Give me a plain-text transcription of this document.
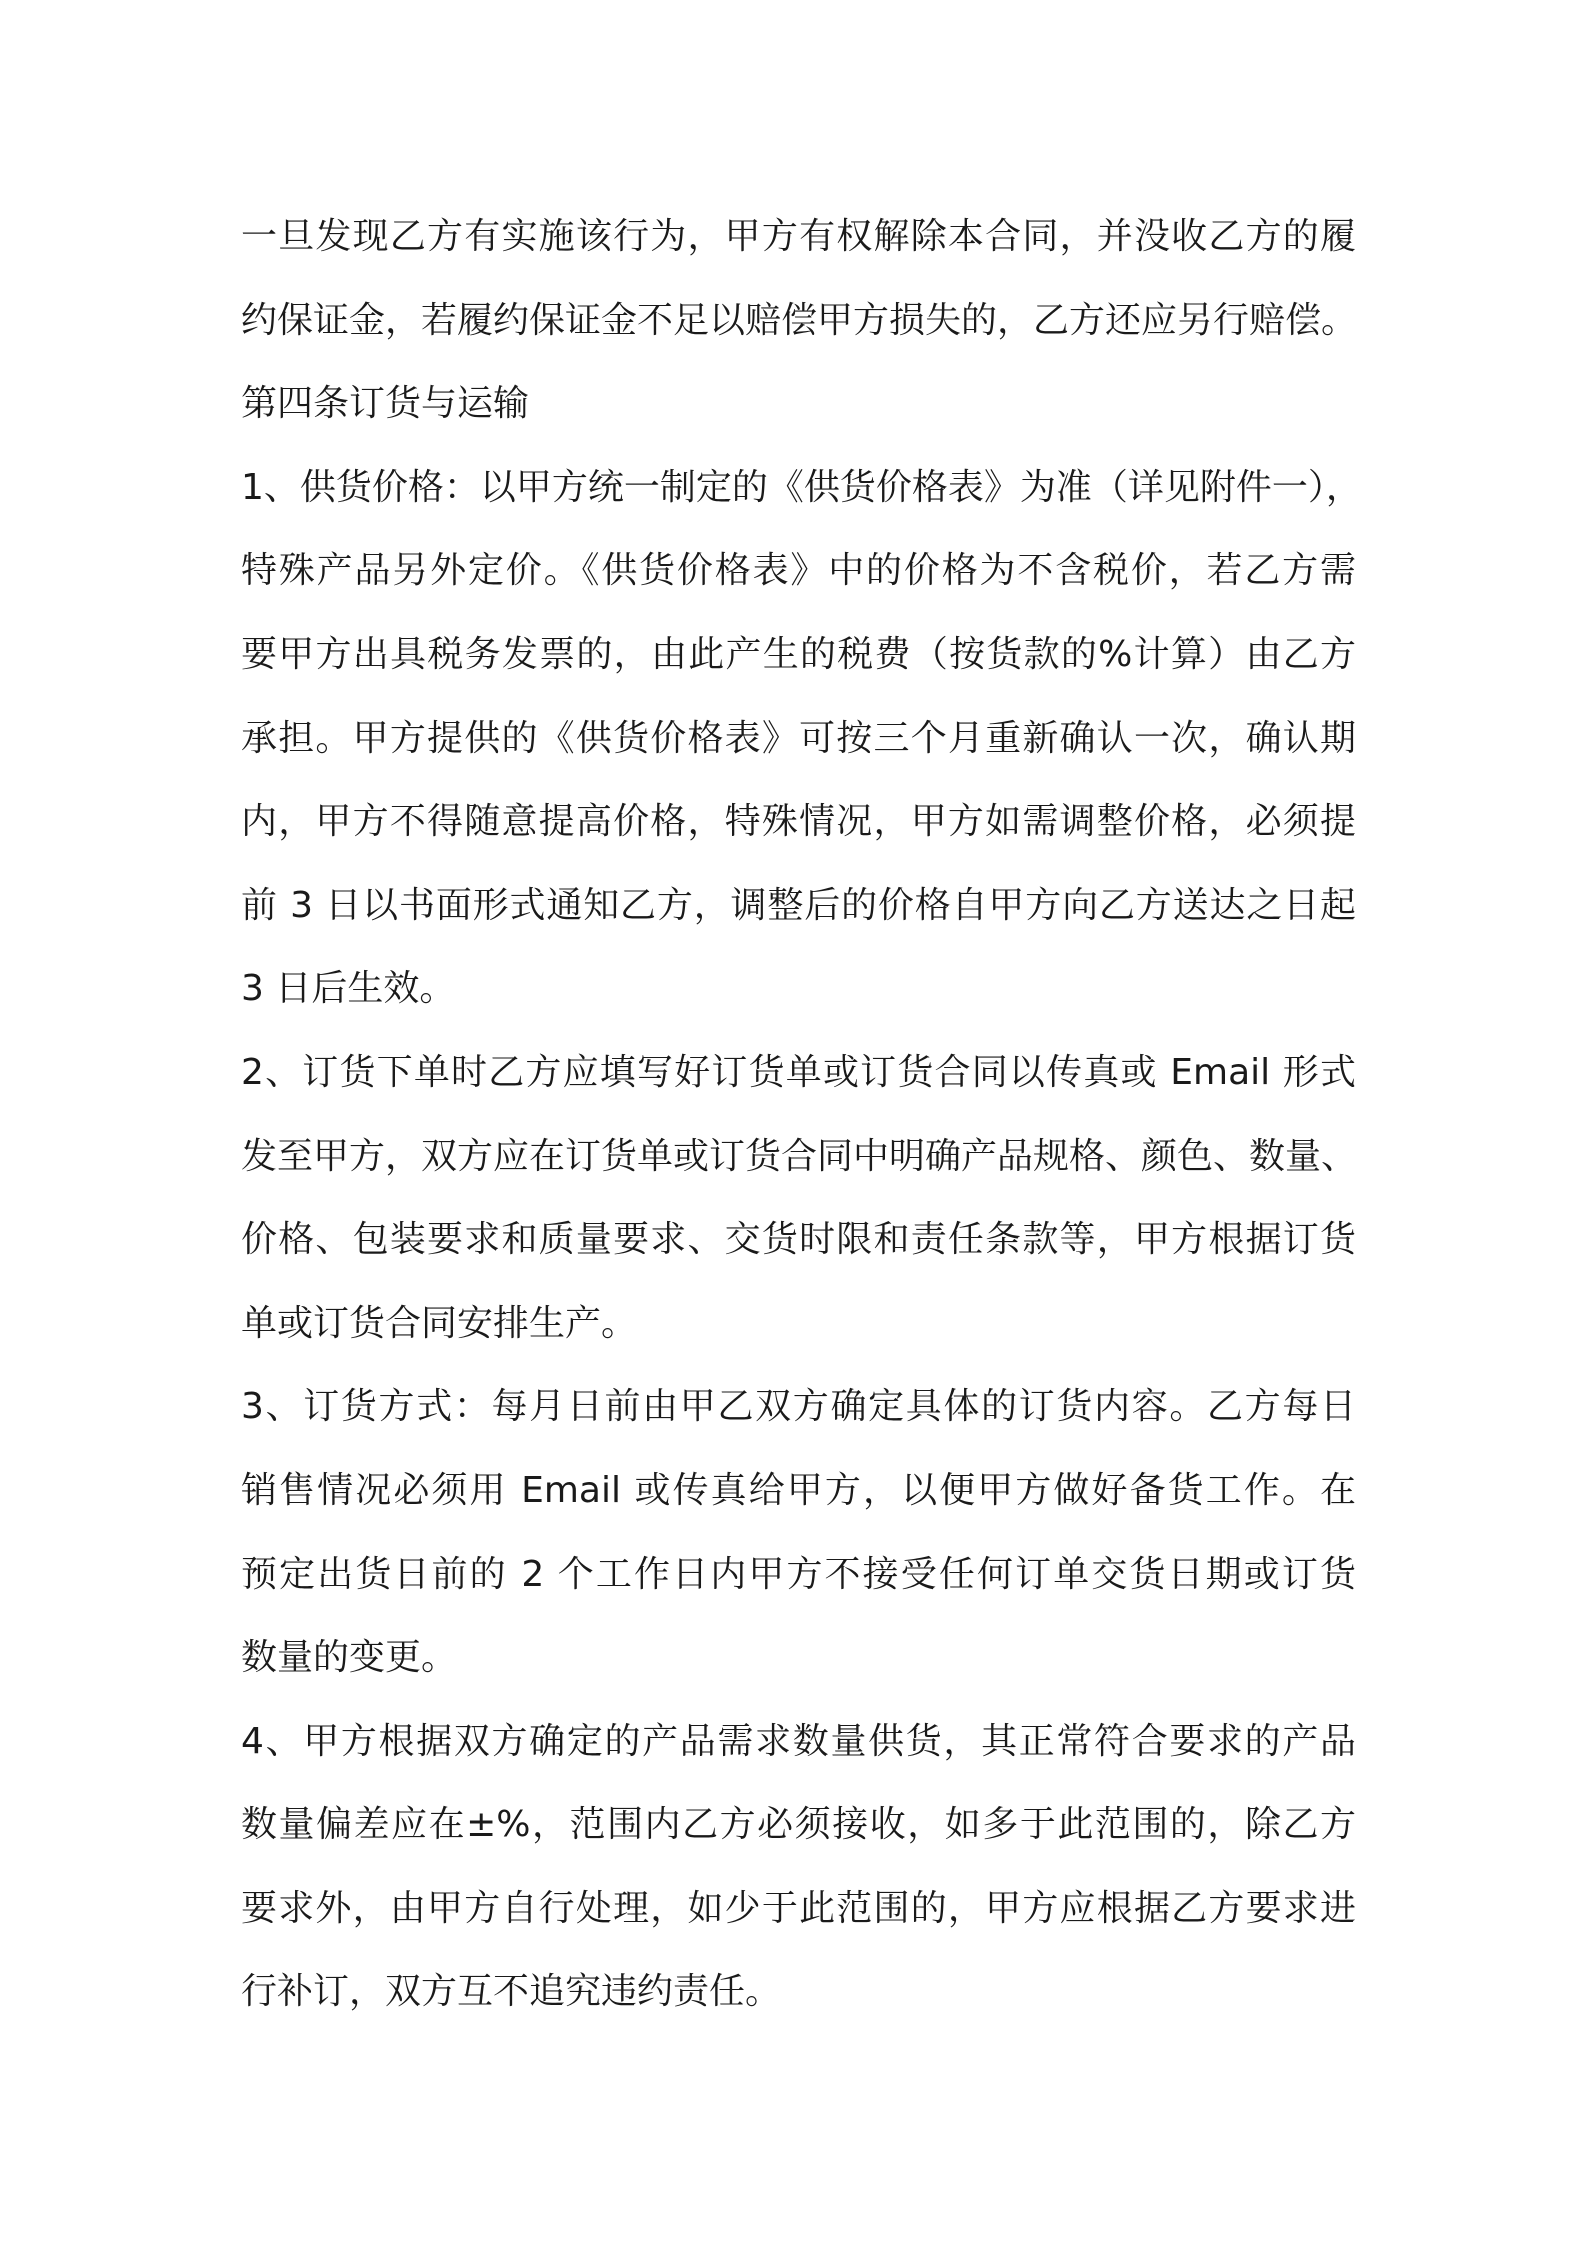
一旦发现乙方有实施该行为，甲方有权解除本合同，并没收乙方的履
约保证金，若履约保证金不足以赔偿甲方损失的，乙方还应另行赔偿。
第四条订货与运输
1、供货价格：以甲方统一制定的《供货价格表》为准（详见附件一），
特殊产品另外定价。《供货价格表》中的价格为不含税价，若乙方需
要甲方出具税务发票的，由此产生的税费（按货款的%计算）由乙方
承担。甲方提供的《供货价格表》可按三个月重新确认一次，确认期
内，甲方不得随意提高价格，特殊情况，甲方如需调整价格，必须提
前 3 日以书面形式通知乙方，调整后的价格自甲方向乙方送达之日起
3 日后生效。
2、订货下单时乙方应填写好订货单或订货合同以传真或 Email 形式
发至甲方，双方应在订货单或订货合同中明确产品规格、颜色、数量、
价格、包装要求和质量要求、交货时限和责任条款等，甲方根据订货
单或订货合同安排生产。
3、订货方式：每月日前由甲乙双方确定具体的订货内容。乙方每日
销售情况必须用 Email 或传真给甲方，以便甲方做好备货工作。在
预定出货日前的 2 个工作日内甲方不接受任何订单交货日期或订货
数量的变更。
4、甲方根据双方确定的产品需求数量供货，其正常符合要求的产品
数量偏差应在±%，范围内乙方必须接收，如多于此范围的，除乙方
要求外，由甲方自行处理，如少于此范围的，甲方应根据乙方要求进
行补订，双方互不追究违约责任。
